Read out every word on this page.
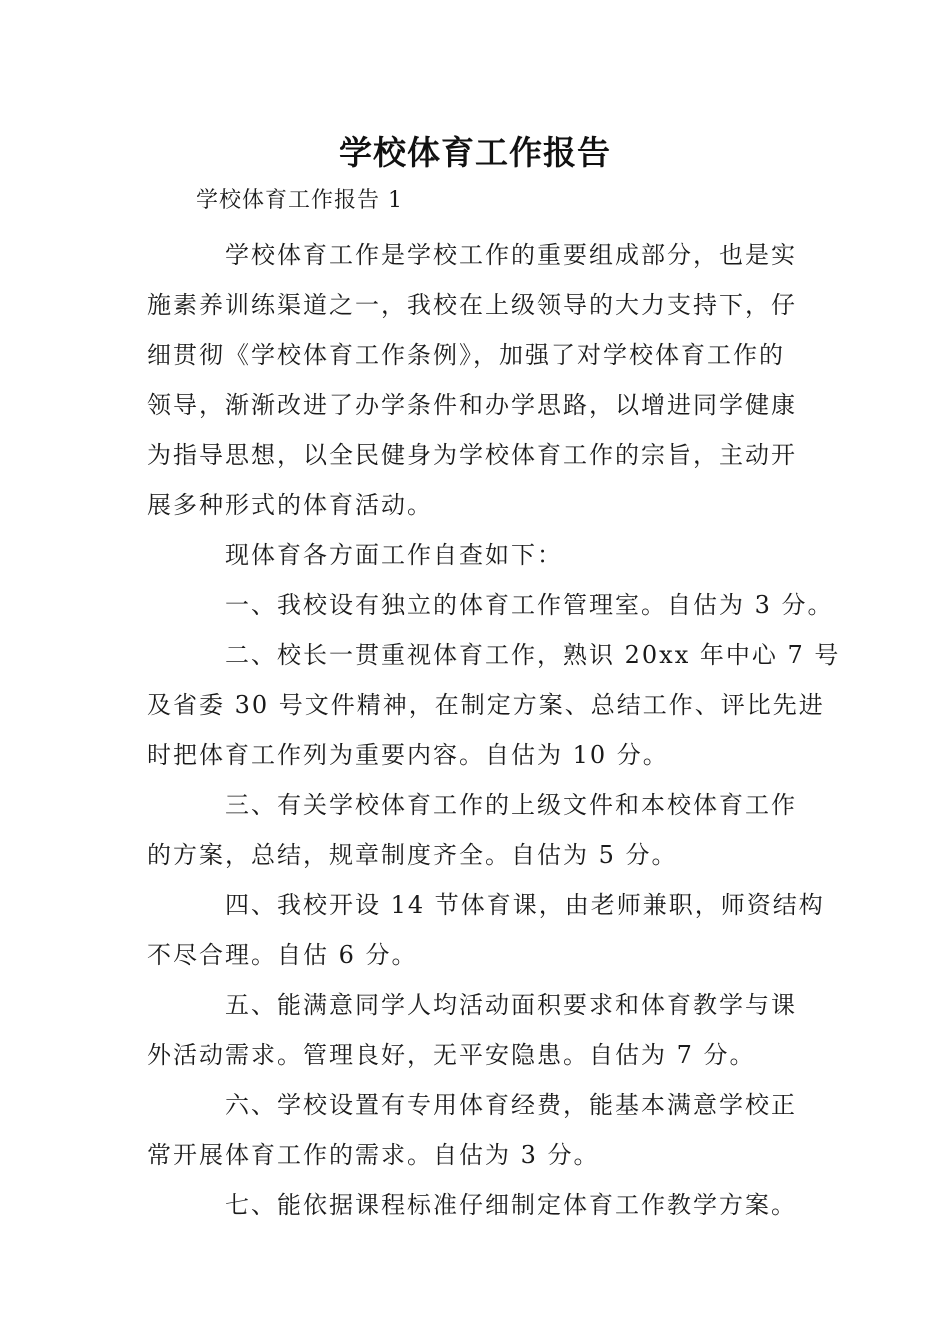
学校体育工作报告
学校体育工作报告 1
学校体育工作是学校工作的重要组成部分，也是实
施素养训练渠道之一，我校在上级领导的大力支持下，仔
细贯彻《学校体育工作条例》，加强了对学校体育工作的
领导，渐渐改进了办学条件和办学思路，以增进同学健康
为指导思想，以全民健身为学校体育工作的宗旨，主动开
展多种形式的体育活动。
现体育各方面工作自查如下：
一、我校设有独立的体育工作管理室。自估为 3 分。
二、校长一贯重视体育工作，熟识 20xx 年中心 7 号
及省委 30 号文件精神，在制定方案、总结工作、评比先进
时把体育工作列为重要内容。自估为 10 分。
三、有关学校体育工作的上级文件和本校体育工作
的方案，总结，规章制度齐全。自估为 5 分。
四、我校开设 14 节体育课，由老师兼职，师资结构
不尽合理。自估 6 分。
五、能满意同学人均活动面积要求和体育教学与课
外活动需求。管理良好，无平安隐患。自估为 7 分。
六、学校设置有专用体育经费，能基本满意学校正
常开展体育工作的需求。自估为 3 分。
七、能依据课程标准仔细制定体育工作教学方案。
